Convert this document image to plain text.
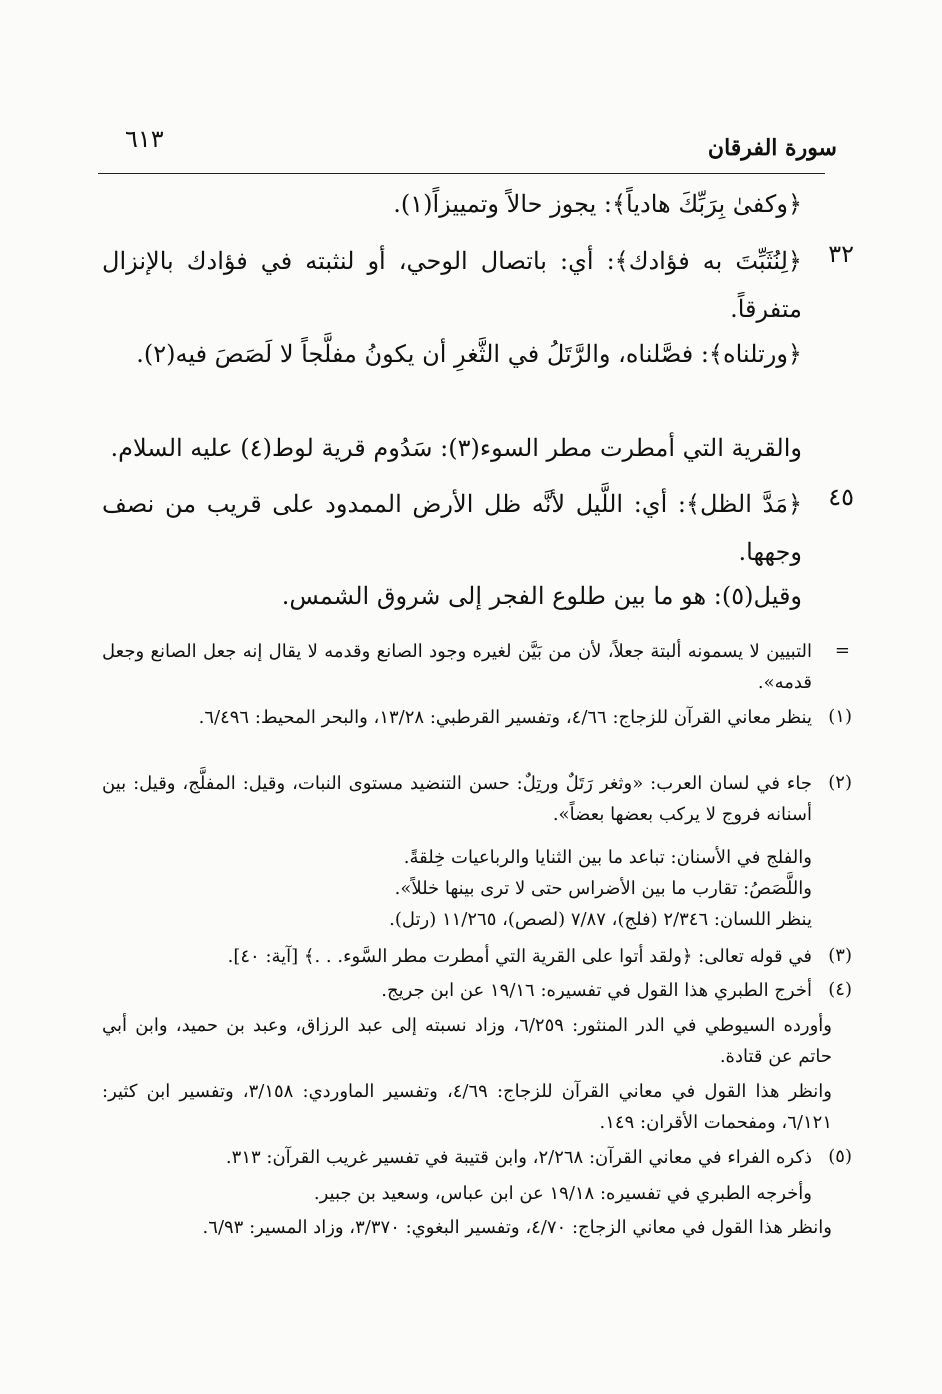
سورة الفرقان
٦١٣
﴿وكفىٰ بِرَبِّكَ هادياً﴾: يجوز حالاً وتمييزاً(١).
٣٢
﴿لِنُثَبِّتَ به فؤادك﴾: أي: باتصال الوحي، أو لنثبته في فؤادك بالإنزال متفرقاً.
﴿ورتلناه﴾: فصَّلناه، والرَّتَلُ في الثَّغرِ أن يكونُ مفلَّجاً لا لَصَصَ فيه(٢).
والقرية التي أمطرت مطر السوء(٣): سَدُوم قرية لوط(٤) عليه السلام.
٤٥
﴿مَدَّ الظل﴾: أي: اللَّيل لأنَّه ظل الأرض الممدود على قريب من نصف وجهها.
وقيل(٥): هو ما بين طلوع الفجر إلى شروق الشمس.
=
التبيين لا يسمونه ألبتة جعلاً، لأن من بَيَّن لغيره وجود الصانع وقدمه لا يقال إنه جعل الصانع وجعل قدمه».
(١)
ينظر معاني القرآن للزجاج: ٤/٦٦، وتفسير القرطبي: ١٣/٢٨، والبحر المحيط: ٦/٤٩٦.
(٢)
جاء في لسان العرب: «وثغر رَتَلٌ ورتِلٌ: حسن التنضيد مستوى النبات، وقيل: المفلَّج، وقيل: بين أسنانه فروج لا يركب بعضها بعضاً».
والفلج في الأسنان: تباعد ما بين الثنايا والرباعيات خِلقةً.
واللَّصَصُ: تقارب ما بين الأضراس حتى لا ترى بينها خللاً».
ينظر اللسان: ٢/٣٤٦ (فلج)، ٧/٨٧ (لصص)، ١١/٢٦٥ (رتل).
(٣)
في قوله تعالى: ﴿ولقد أتوا على القرية التي أمطرت مطر السَّوء. . .﴾ [آية: ٤٠].
(٤)
أخرج الطبري هذا القول في تفسيره: ١٩/١٦ عن ابن جريج.
وأورده السيوطي في الدر المنثور: ٦/٢٥٩، وزاد نسبته إلى عبد الرزاق، وعبد بن حميد، وابن أبي حاتم عن قتادة.
وانظر هذا القول في معاني القرآن للزجاج: ٤/٦٩، وتفسير الماوردي: ٣/١٥٨، وتفسير ابن كثير: ٦/١٢١، ومفحمات الأقران: ١٤٩.
(٥)
ذكره الفراء في معاني القرآن: ٢/٢٦٨، وابن قتيبة في تفسير غريب القرآن: ٣١٣.
وأخرجه الطبري في تفسيره: ١٩/١٨ عن ابن عباس، وسعيد بن جبير.
وانظر هذا القول في معاني الزجاج: ٤/٧٠، وتفسير البغوي: ٣/٣٧٠، وزاد المسير: ٦/٩٣.
